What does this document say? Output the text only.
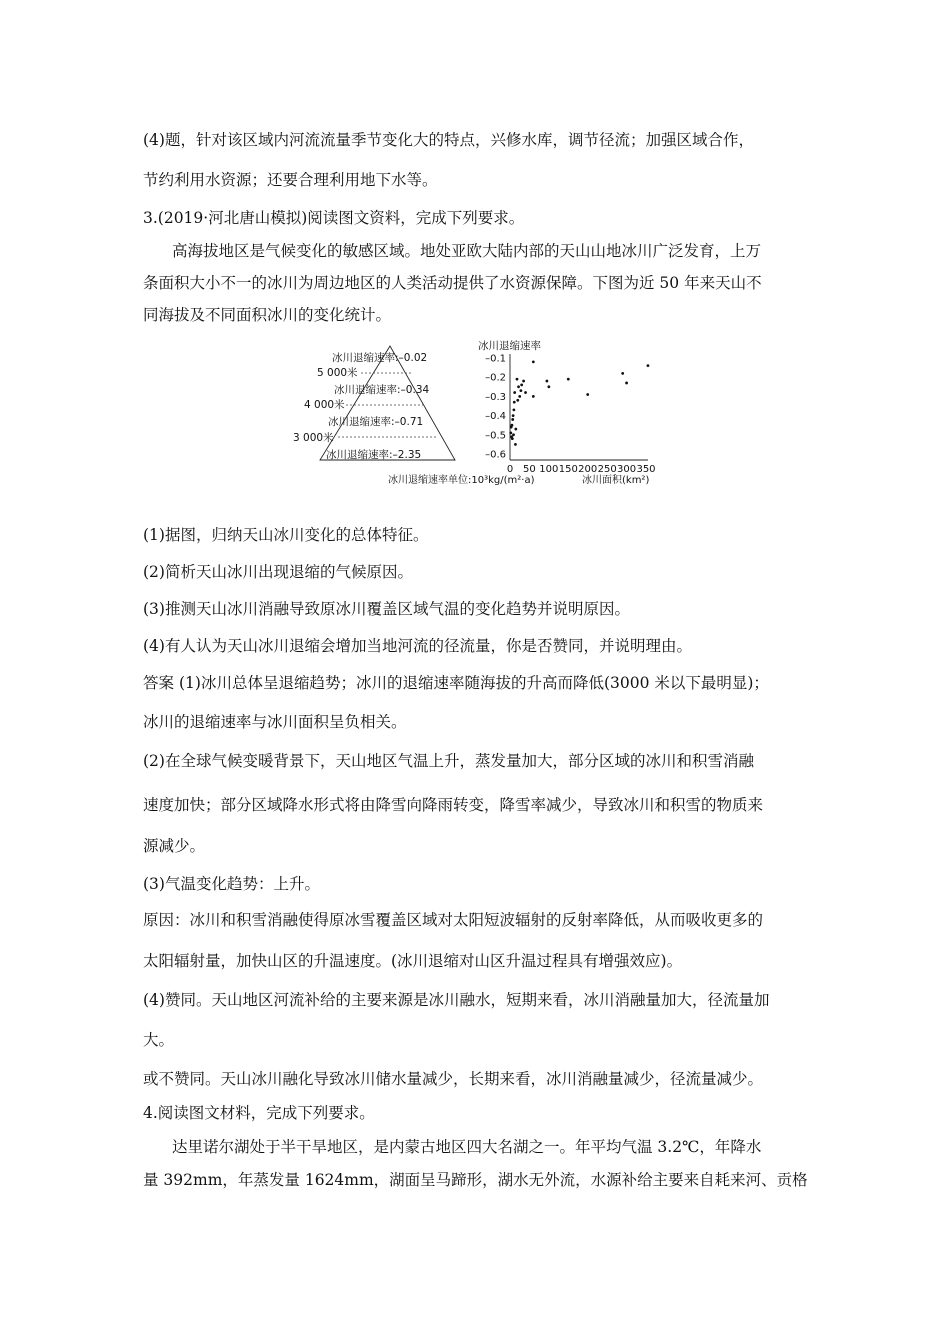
(4)题，针对该区域内河流流量季节变化大的特点，兴修水库，调节径流；加强区域合作，
节约利用水资源；还要合理利用地下水等。
3.(2019·河北唐山模拟)阅读图文资料，完成下列要求。
高海拔地区是气候变化的敏感区域。地处亚欧大陆内部的天山山地冰川广泛发育，上万
条面积大小不一的冰川为周边地区的人类活动提供了水资源保障。下图为近 50 年来天山不
同海拔及不同面积冰川的变化统计。
冰川退缩速率:–0.02
5 000米
冰川退缩速率:–0.34
4 000米
冰川退缩速率:–0.71
3 000米
冰川退缩速率:–2.35
冰川退缩速率单位:10³kg/(m²·a)
冰川退缩速率
–0.1
–0.2
–0.3
–0.4
–0.5
–0.6
0 50 100 150 200 250 300 350
冰川面积(km²)
(1)据图，归纳天山冰川变化的总体特征。
(2)简析天山冰川出现退缩的气候原因。
(3)推测天山冰川消融导致原冰川覆盖区域气温的变化趋势并说明原因。
(4)有人认为天山冰川退缩会增加当地河流的径流量，你是否赞同，并说明理由。
答案 (1)冰川总体呈退缩趋势；冰川的退缩速率随海拔的升高而降低(3000 米以下最明显)；
冰川的退缩速率与冰川面积呈负相关。
(2)在全球气候变暖背景下，天山地区气温上升，蒸发量加大，部分区域的冰川和积雪消融
速度加快；部分区域降水形式将由降雪向降雨转变，降雪率减少，导致冰川和积雪的物质来
源减少。
(3)气温变化趋势：上升。
原因：冰川和积雪消融使得原冰雪覆盖区域对太阳短波辐射的反射率降低，从而吸收更多的
太阳辐射量，加快山区的升温速度。(冰川退缩对山区升温过程具有增强效应)。
(4)赞同。天山地区河流补给的主要来源是冰川融水，短期来看，冰川消融量加大，径流量加
大。
或不赞同。天山冰川融化导致冰川储水量减少，长期来看，冰川消融量减少，径流量减少。
4.阅读图文材料，完成下列要求。
达里诺尔湖处于半干旱地区，是内蒙古地区四大名湖之一。年平均气温 3.2℃，年降水
量 392mm，年蒸发量 1624mm，湖面呈马蹄形，湖水无外流，水源补给主要来自耗来河、贡格
